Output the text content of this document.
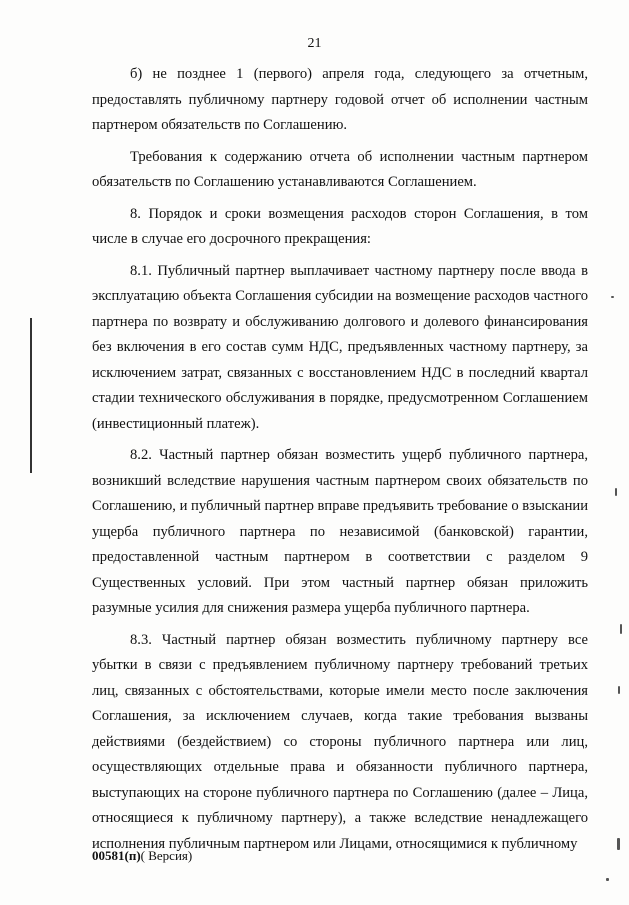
21

б) не позднее 1 (первого) апреля года, следующего за отчетным, предоставлять публичному партнеру годовой отчет об исполнении частным партнером обязательств по Соглашению.

Требования к содержанию отчета об исполнении частным партнером обязательств по Соглашению устанавливаются Соглашением.

8. Порядок и сроки возмещения расходов сторон Соглашения, в том числе в случае его досрочного прекращения:

8.1. Публичный партнер выплачивает частному партнеру после ввода в эксплуатацию объекта Соглашения субсидии на возмещение расходов частного партнера по возврату и обслуживанию долгового и долевого финансирования без включения в его состав сумм НДС, предъявленных частному партнеру, за исключением затрат, связанных с восстановлением НДС в последний квартал стадии технического обслуживания в порядке, предусмотренном Соглашением (инвестиционный платеж).

8.2. Частный партнер обязан возместить ущерб публичного партнера, возникший вследствие нарушения частным партнером своих обязательств по Соглашению, и публичный партнер вправе предъявить требование о взыскании ущерба публичного партнера по независимой (банковской) гарантии, предоставленной частным партнером в соответствии с разделом 9 Существенных условий. При этом частный партнер обязан приложить разумные усилия для снижения размера ущерба публичного партнера.

8.3. Частный партнер обязан возместить публичному партнеру все убытки в связи с предъявлением публичному партнеру требований третьих лиц, связанных с обстоятельствами, которые имели место после заключения Соглашения, за исключением случаев, когда такие требования вызваны действиями (бездействием) со стороны публичного партнера или лиц, осуществляющих отдельные права и обязанности публичного партнера, выступающих на стороне публичного партнера по Соглашению (далее – Лица, относящиеся к публичному партнеру), а также вследствие ненадлежащего исполнения публичным партнером или Лицами, относящимися к публичному

00581(п)( Версия)
